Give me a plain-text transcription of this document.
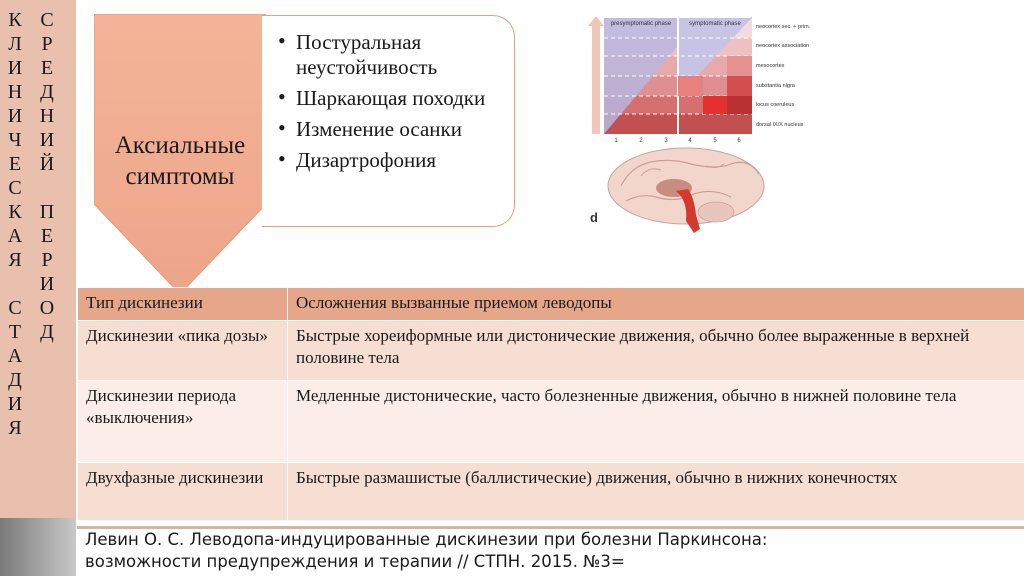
К
Л
И
Н
И
Ч
Е
С
К
А
Я
С
Т
А
Д
И
Я
С
Р
Е
Д
Н
И
Й
П
Е
Р
И
О
Д
Аксиальные симптомы
• Постуральная неустойчивость
• Шаркающая походки
• Изменение осанки
• Дизартрофония
presymptomatic phase	symptomatic phase	neocortex sec. + prim.
neocortex association
mesocortex
substantia nigra
locus coeruleus
dorsal IX/X nucleus
1	2	3	4	5	6
d
Тип дискинезии	Осложнения вызванные приемом леводопы
Дискинезии «пика дозы»	Быстрые хореиформные или дистонические движения, обычно более выраженные в верхней половине тела
Дискинезии периода «выключения»	Медленные дистонические, часто болезненные движения, обычно в нижней половине тела
Двухфазные дискинезии	Быстрые размашистые (баллистические) движения, обычно в нижних конечностях
Левин О. С. Леводопа-индуцированные дискинезии при болезни Паркинсона:
возможности предупреждения и терапии // СТПН. 2015. №3=
